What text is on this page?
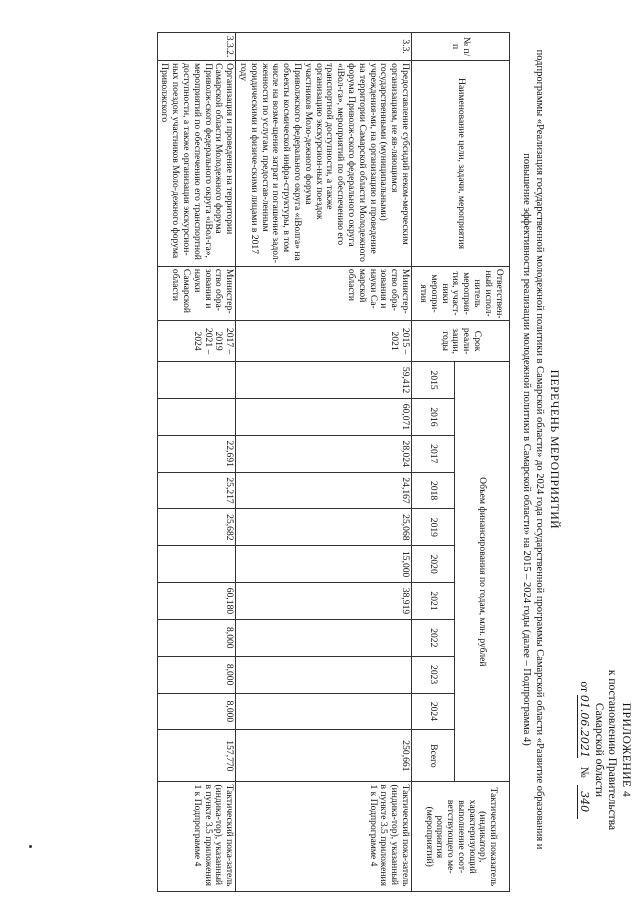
ПРИЛОЖЕНИЕ 4
к постановлению Правительства
Самарской области
от 01.06.2021 № 340
ПЕРЕЧЕНЬ МЕРОПРИЯТИЙ
подпрограммы «Реализация государственной молодежной политики в Самарской области» до 2024 года государственной программы Самарской области «Развитие образования и
повышение эффективности реализации молодежной политики в Самарской области» на 2015 – 2024 годы (далее – Подпрограмма 4)
№ п/п	Наименование цели, задачи, мероприятия	Ответствен-ный испол-нитель мероприя-тия, участ-ники меропри-ятия	Срок реали-зации, годы	Объем финансирования по годам, млн. рублей											Тактический показатель (индикатор), характеризующий выполнение соот-ветствующего ме-роприятия (мероприятий)
				2015	2016	2017	2018	2019	2020	2021	2022	2023	2024	Всего	
3.3.	Предоставление субсидий неком-мерческим организациям, не яв-ляющимся государственными (муниципальными) учреждения-ми, на организацию и проведение на территории Самарской области Молодежного форума Приволж-ского федерального округа «iВол-га», мероприятий по обеспечению его транспортной доступности, а также организацию экскурсион-ных поездок участников Моло-дежного форума Приволжского федерального округа «iВолга» на объекты космической инфра-структуры, в том числе на возме-щение затрат и погашение задол-женности по услугам, предостав-ленным юридическими и физиче-скими лицами в 2017 году	Министер-ство обра-зования и науки Са-марской области	2015 – 2021	59,412	60,071	28,024	24,167	25,068	15,000	38,919				250,661	Тактический пока-затель (индика-тор), указанный в пункте 3.5 приложения 1 к Подпрограмме 4
3.3.2.	Организация и проведение на территории Самарской области Молодежного форума Приволж-ского федерального округа «iВол-га», мероприятий по обеспечению его транспортной доступности, а также организация экскурсион-ных поездок участников Моло-дежного форума Приволжского	Министер-ство обра-зования и науки Самарской области	2017 – 2019 2021 – 2024			22,691	25,217	25,682		60,180	8,000	8,000	8,000	157,770	Тактический пока-затель (индика-тор), указанный в пункте 3.5 приложения 1 к Подпрограмме 4
